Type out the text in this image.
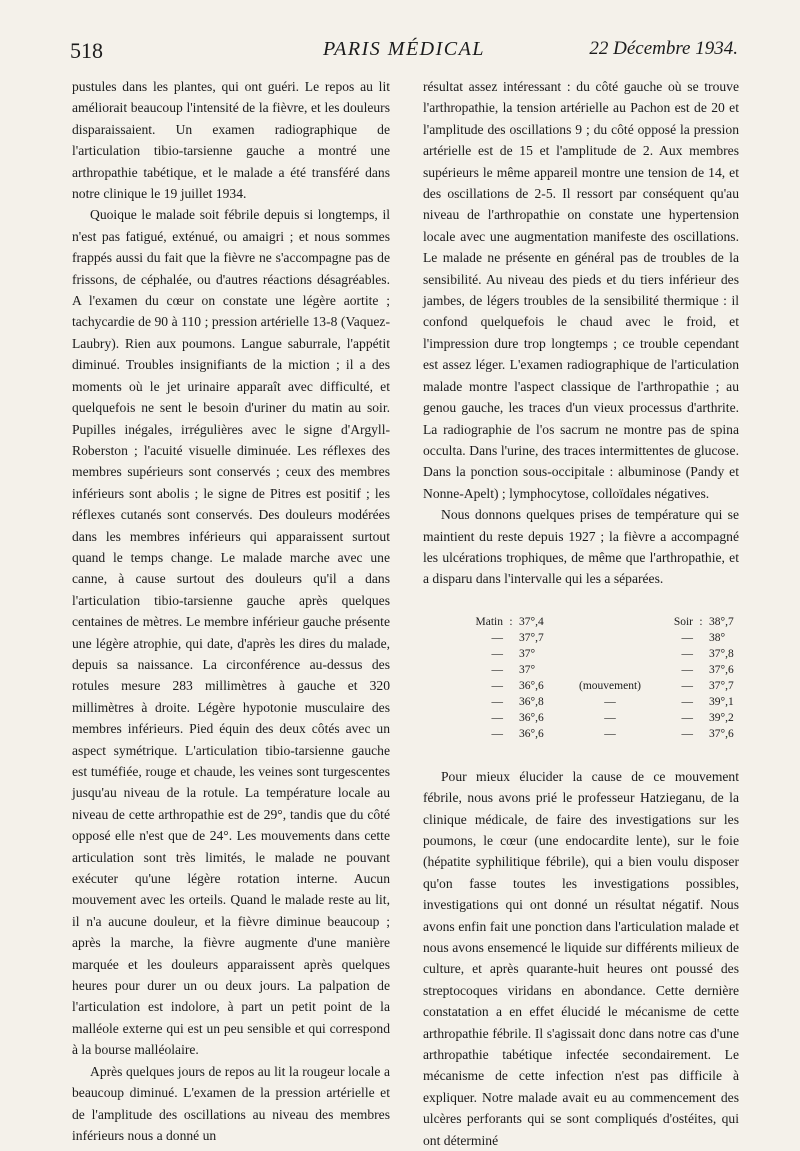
518	PARIS MÉDICAL	22 Décembre 1934.

pustules dans les plantes, qui ont guéri. Le repos au lit améliorait beaucoup l'intensité de la fièvre, et les douleurs disparaissaient. Un examen radiographique de l'articulation tibio-tarsienne gauche a montré une arthropathie tabétique, et le malade a été transféré dans notre clinique le 19 juillet 1934.

Quoique le malade soit fébrile depuis si longtemps, il n'est pas fatigué, exténué, ou amaigri ; et nous sommes frappés aussi du fait que la fièvre ne s'accompagne pas de frissons, de céphalée, ou d'autres réactions désagréables. A l'examen du cœur on constate une légère aortite ; tachycardie de 90 à 110 ; pression artérielle 13-8 (Vaquez-Laubry). Rien aux poumons. Langue saburrale, l'appétit diminué. Troubles insignifiants de la miction ; il a des moments où le jet urinaire apparaît avec difficulté, et quelquefois ne sent le besoin d'uriner du matin au soir. Pupilles inégales, irrégulières avec le signe d'Argyll-Roberston ; l'acuité visuelle diminuée. Les réflexes des membres supérieurs sont conservés ; ceux des membres inférieurs sont abolis ; le signe de Pitres est positif ; les réflexes cutanés sont conservés. Des douleurs modérées dans les membres inférieurs qui apparaissent surtout quand le temps change. Le malade marche avec une canne, à cause surtout des douleurs qu'il a dans l'articulation tibio-tarsienne gauche après quelques centaines de mètres. Le membre inférieur gauche présente une légère atrophie, qui date, d'après les dires du malade, depuis sa naissance. La circonférence au-dessus des rotules mesure 283 millimètres à gauche et 320 millimètres à droite. Légère hypotonie musculaire des membres inférieurs. Pied équin des deux côtés avec un aspect symétrique. L'articulation tibio-tarsienne gauche est tuméfiée, rouge et chaude, les veines sont turgescentes jusqu'au niveau de la rotule. La température locale au niveau de cette arthropathie est de 29°, tandis que du côté opposé elle n'est que de 24°. Les mouvements dans cette articulation sont très limités, le malade ne pouvant exécuter qu'une légère rotation interne. Aucun mouvement avec les orteils. Quand le malade reste au lit, il n'a aucune douleur, et la fièvre diminue beaucoup ; après la marche, la fièvre augmente d'une manière marquée et les douleurs apparaissent après quelques heures pour durer un ou deux jours. La palpation de l'articulation est indolore, à part un petit point de la malléole externe qui est un peu sensible et qui correspond à la bourse malléolaire.

Après quelques jours de repos au lit la rougeur locale a beaucoup diminué. L'examen de la pression artérielle et de l'amplitude des oscillations au niveau des membres inférieurs nous a donné un

résultat assez intéressant : du côté gauche où se trouve l'arthropathie, la tension artérielle au Pachon est de 20 et l'amplitude des oscillations 9 ; du côté opposé la pression artérielle est de 15 et l'amplitude de 2. Aux membres supérieurs le même appareil montre une tension de 14, et des oscillations de 2-5. Il ressort par conséquent qu'au niveau de l'arthropathie on constate une hypertension locale avec une augmentation manifeste des oscillations. Le malade ne présente en général pas de troubles de la sensibilité. Au niveau des pieds et du tiers inférieur des jambes, de légers troubles de la sensibilité thermique : il confond quelquefois le chaud avec le froid, et l'impression dure trop longtemps ; ce trouble cependant est assez léger. L'examen radiographique de l'articulation malade montre l'aspect classique de l'arthropathie ; au genou gauche, les traces d'un vieux processus d'arthrite. La radiographie de l'os sacrum ne montre pas de spina occulta. Dans l'urine, des traces intermittentes de glucose. Dans la ponction sous-occipitale : albuminose (Pandy et Nonne-Apelt) ; lymphocytose, colloïdales négatives.

Nous donnons quelques prises de température qui se maintient du reste depuis 1927 ; la fièvre a accompagné les ulcérations trophiques, de même que l'arthropathie, et a disparu dans l'intervalle qui les a séparées.

Matin	:	37°,4		Soir	:	38°,7
—		37°,7		—		38°
—		37°		—		37°,8
—		37°		—		37°,6
—		36°,6	(mouvement)	—		37°,7
—		36°,8	—	—		39°,1
—		36°,6	—	—		39°,2
—		36°,6	—	—		37°,6

Pour mieux élucider la cause de ce mouvement fébrile, nous avons prié le professeur Hatzieganu, de la clinique médicale, de faire des investigations sur les poumons, le cœur (une endocardite lente), sur le foie (hépatite syphilitique fébrile), qui a bien voulu disposer qu'on fasse toutes les investigations possibles, investigations qui ont donné un résultat négatif. Nous avons enfin fait une ponction dans l'articulation malade et nous avons ensemencé le liquide sur différents milieux de culture, et après quarante-huit heures ont poussé des streptocoques viridans en abondance. Cette dernière constatation a en effet élucidé le mécanisme de cette arthropathie fébrile. Il s'agissait donc dans notre cas d'une arthropathie tabétique infectée secondairement. Le mécanisme de cette infection n'est pas difficile à expliquer. Notre malade avait eu au commencement des ulcères perforants qui se sont compliqués d'ostéites, qui ont déterminé
